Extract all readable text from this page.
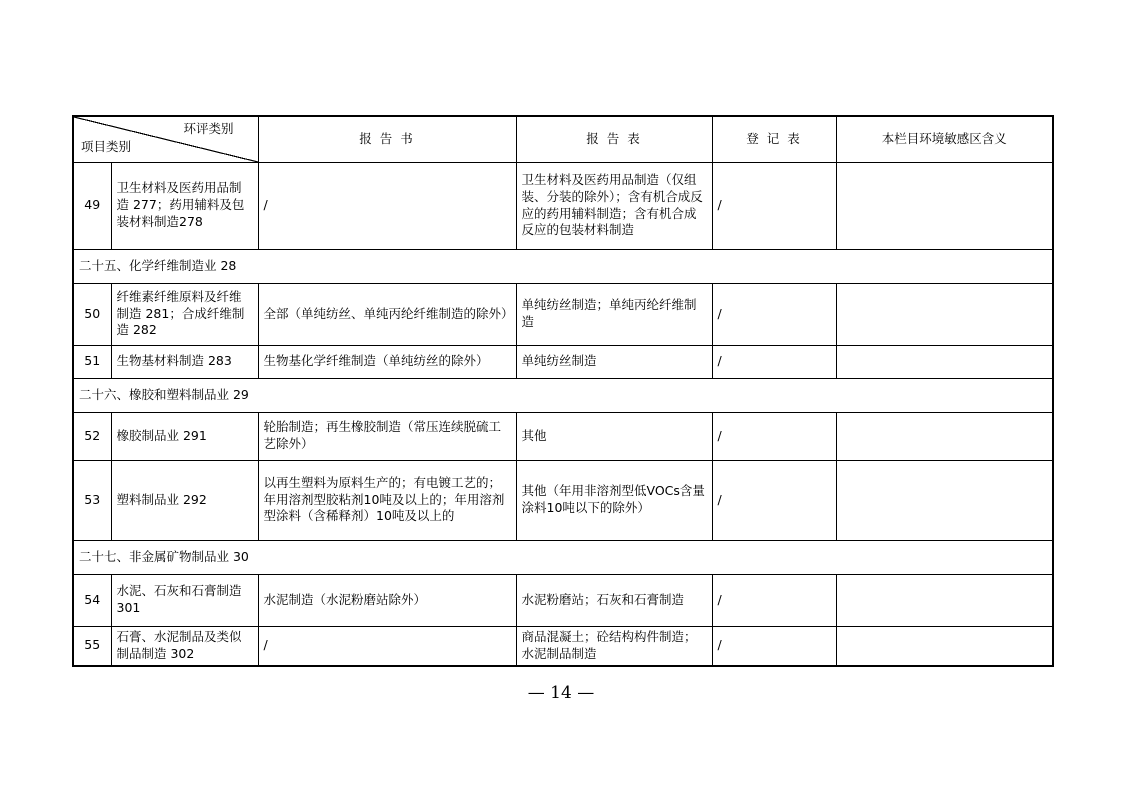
环评类别
项目类别		报 告 书	报 告 表	登 记 表	本栏目环境敏感区含义
49	卫生材料及医药用品制造 277；药用辅料及包装材料制造278	/	卫生材料及医药用品制造（仅组装、分装的除外）；含有机合成反应的药用辅料制造；含有机合成反应的包装材料制造	/	
二十五、化学纤维制造业 28					
50	纤维素纤维原料及纤维制造 281；合成纤维制造 282	全部（单纯纺丝、单纯丙纶纤维制造的除外）	单纯纺丝制造；单纯丙纶纤维制造	/	
51	生物基材料制造 283	生物基化学纤维制造（单纯纺丝的除外）	单纯纺丝制造	/	
二十六、橡胶和塑料制品业 29					
52	橡胶制品业 291	轮胎制造；再生橡胶制造（常压连续脱硫工艺除外）	其他	/	
53	塑料制品业 292	以再生塑料为原料生产的；有电镀工艺的；年用溶剂型胶粘剂10吨及以上的；年用溶剂型涂料（含稀释剂）10吨及以上的	其他（年用非溶剂型低VOCs含量涂料10吨以下的除外）	/	
二十七、非金属矿物制品业 30					
54	水泥、石灰和石膏制造 301	水泥制造（水泥粉磨站除外）	水泥粉磨站；石灰和石膏制造	/	
55	石膏、水泥制品及类似制品制造 302	/	商品混凝土；砼结构构件制造；水泥制品制造	/	
— 14 —
